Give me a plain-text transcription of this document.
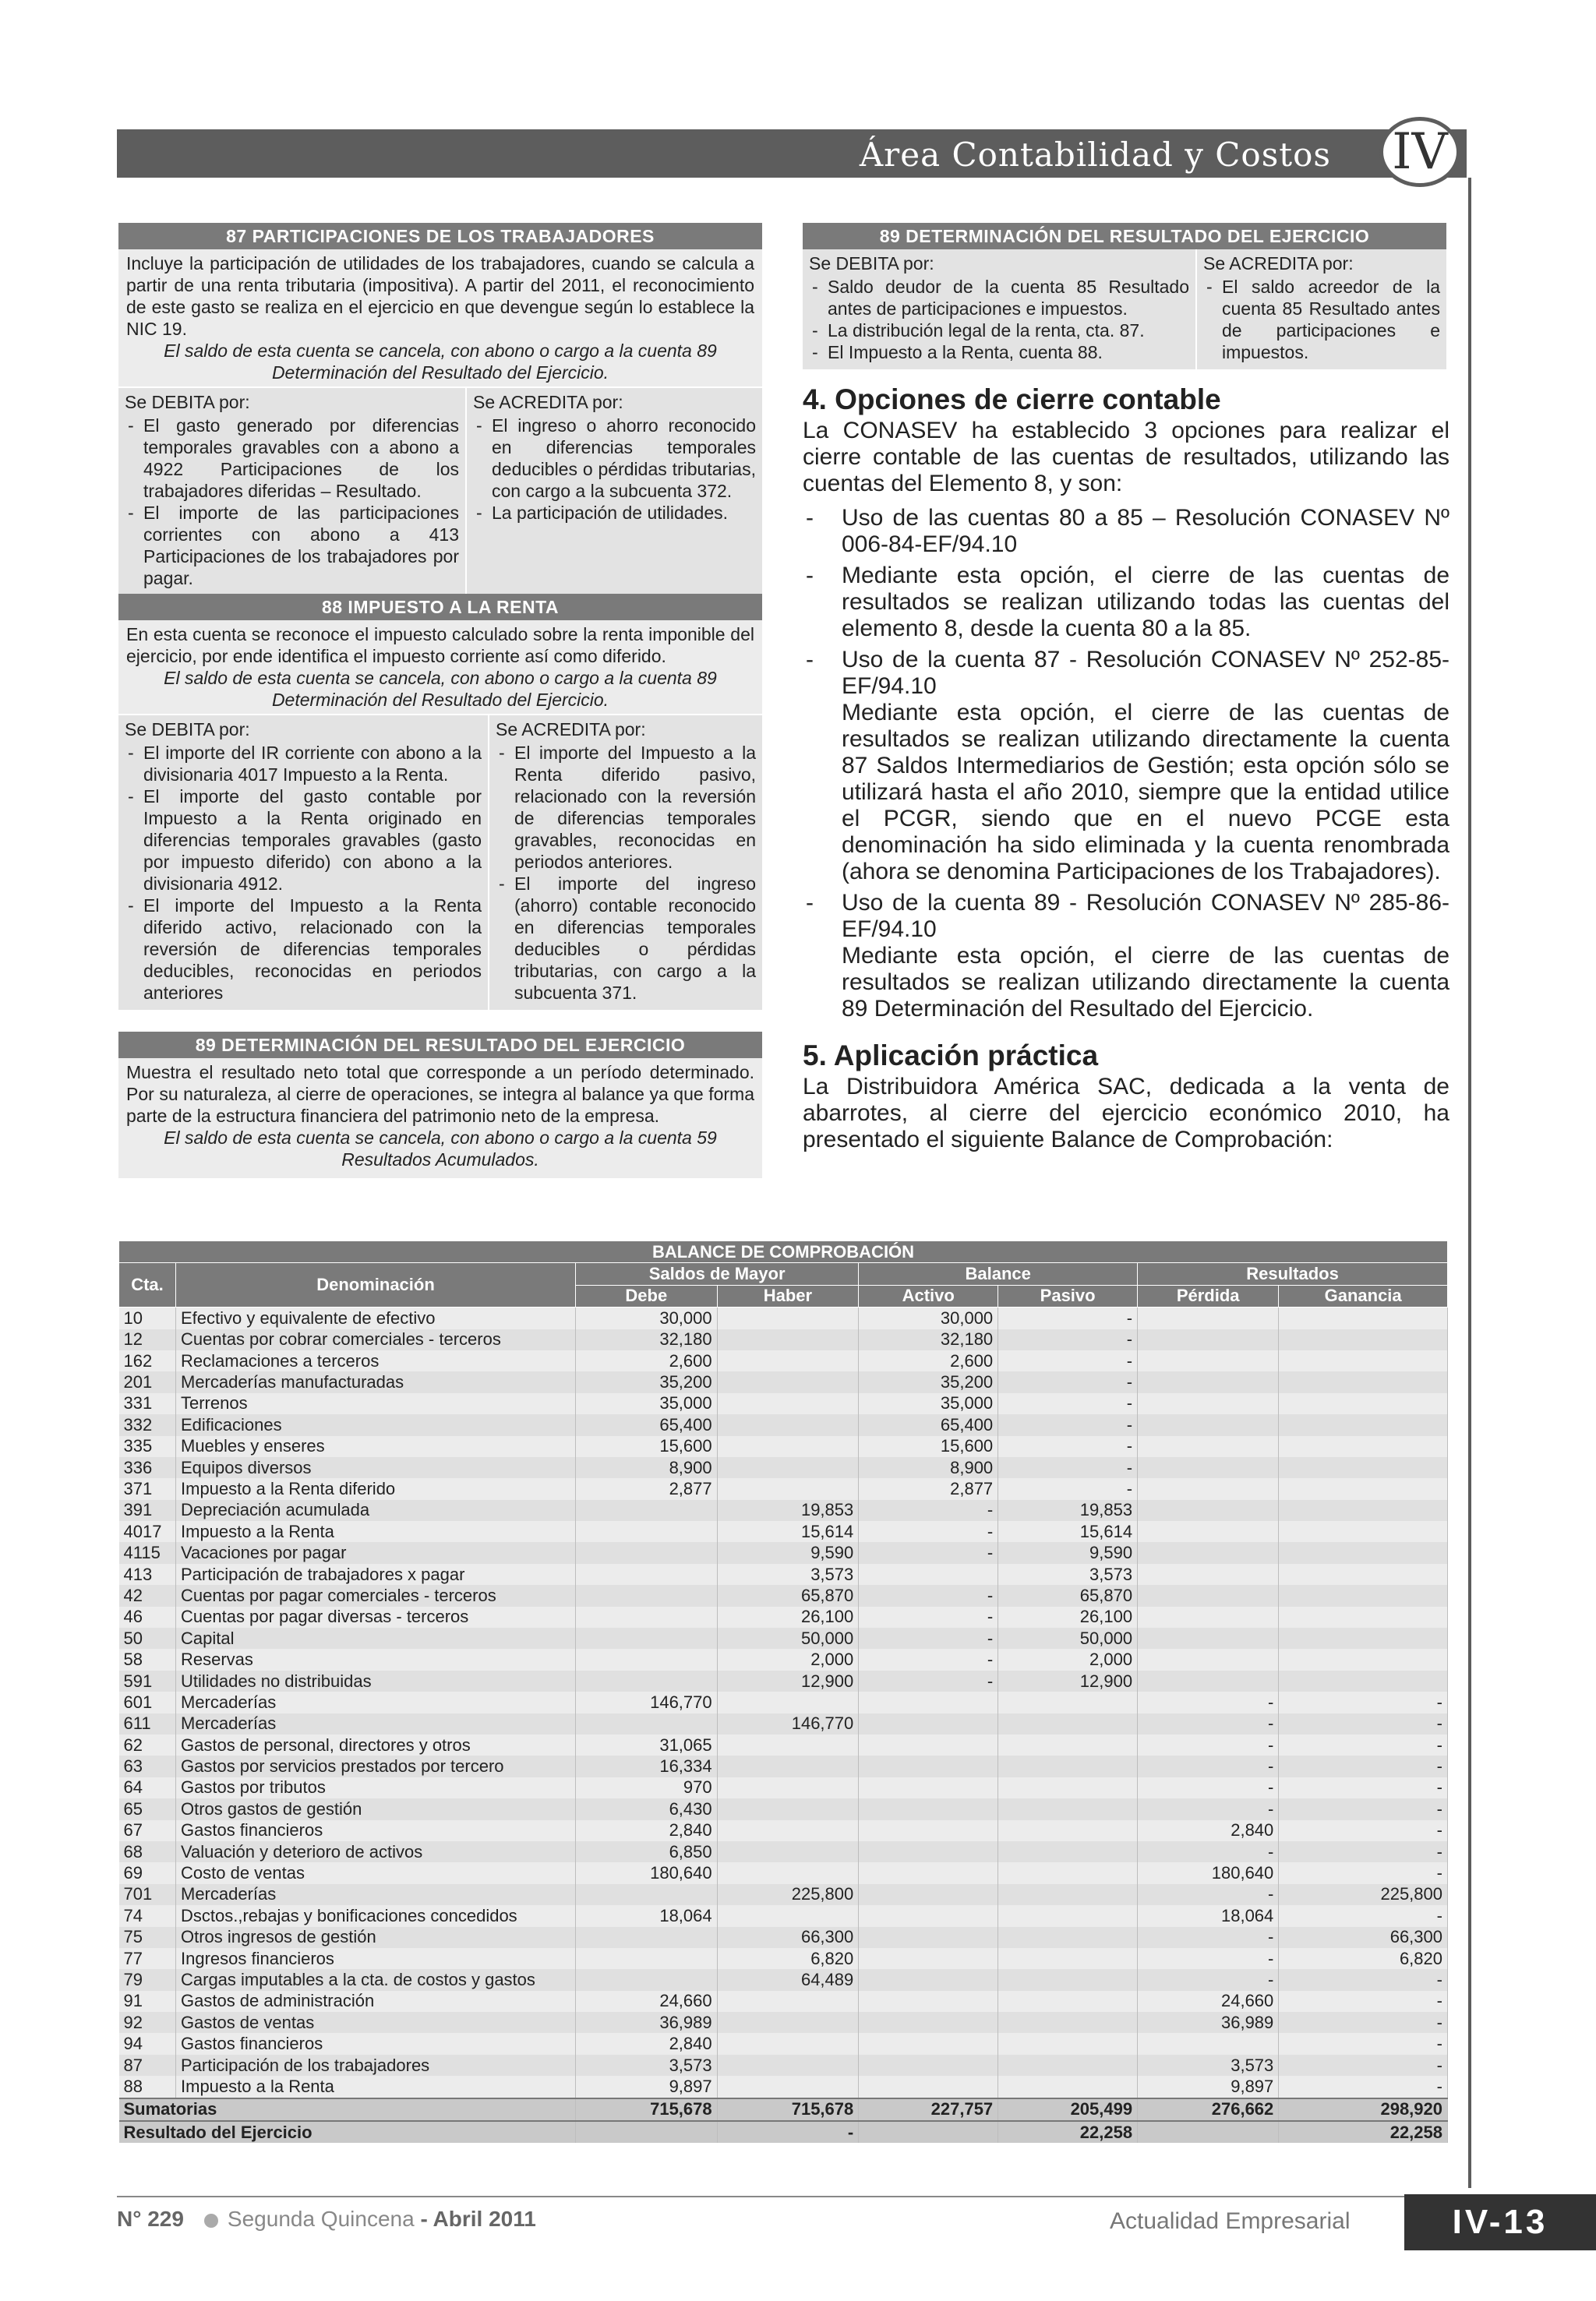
Área Contabilidad y Costos IV
87 PARTICIPACIONES DE LOS TRABAJADORES
Incluye la participación de utilidades de los trabajadores, cuando se calcula a partir de una renta tributaria (impositiva). A partir del 2011, el reconocimiento de este gasto se realiza en el ejercicio en que devengue según lo establece la NIC 19.
El saldo de esta cuenta se cancela, con abono o cargo a la cuenta 89 Determinación del Resultado del Ejercicio.
Se DEBITA por:
- El gasto generado por diferencias temporales gravables con a abono a 4922 Participaciones de los trabajadores diferidas – Resultado.
- El importe de las participaciones corrientes con abono a 413 Participaciones de los trabajadores por pagar.
Se ACREDITA por:
- El ingreso o ahorro reconocido en diferencias temporales deducibles o pérdidas tributarias, con cargo a la subcuenta 372.
- La participación de utilidades.
88 IMPUESTO A LA RENTA
En esta cuenta se reconoce el impuesto calculado sobre la renta imponible del ejercicio, por ende identifica el impuesto corriente así como diferido.
El saldo de esta cuenta se cancela, con abono o cargo a la cuenta 89 Determinación del Resultado del Ejercicio.
Se DEBITA por:
- El importe del IR corriente con abono a la divisionaria 4017 Impuesto a la Renta.
- El importe del gasto contable por Impuesto a la Renta originado en diferencias temporales gravables (gasto por impuesto diferido) con abono a la divisionaria 4912.
- El importe del Impuesto a la Renta diferido activo, relacionado con la reversión de diferencias temporales deducibles, reconocidas en periodos anteriores
Se ACREDITA por:
- El importe del Impuesto a la Renta diferido pasivo, relacionado con la reversión de diferencias temporales gravables, reconocidas en periodos anteriores.
- El importe del ingreso (ahorro) contable reconocido en diferencias temporales deducibles o pérdidas tributarias, con cargo a la subcuenta 371.
89 DETERMINACIÓN DEL RESULTADO DEL EJERCICIO
Muestra el resultado neto total que corresponde a un período determinado. Por su naturaleza, al cierre de operaciones, se integra al balance ya que forma parte de la estructura financiera del patrimonio neto de la empresa.
El saldo de esta cuenta se cancela, con abono o cargo a la cuenta 59 Resultados Acumulados.
89 DETERMINACIÓN DEL RESULTADO DEL EJERCICIO
Se DEBITA por:
- Saldo deudor de la cuenta 85 Resultado antes de participaciones e impuestos.
- La distribución legal de la renta, cta. 87.
- El Impuesto a la Renta, cuenta 88.
Se ACREDITA por:
- El saldo acreedor de la cuenta 85 Resultado antes de participaciones e impuestos.
4. Opciones de cierre contable
La CONASEV ha establecido 3 opciones para realizar el cierre contable de las cuentas de resultados, utilizando las cuentas del Elemento 8, y son:
- Uso de las cuentas 80 a 85 – Resolución CONASEV Nº 006-84-EF/94.10
- Mediante esta opción, el cierre de las cuentas de resultados se realizan utilizando todas las cuentas del elemento 8, desde la cuenta 80 a la 85.
- Uso de la cuenta 87 - Resolución CONASEV Nº 252-85-EF/94.10
Mediante esta opción, el cierre de las cuentas de resultados se realizan utilizando directamente la cuenta 87 Saldos Intermediarios de Gestión; esta opción sólo se utilizará hasta el año 2010, siempre que la entidad utilice el PCGR, siendo que en el nuevo PCGE esta denominación ha sido eliminada y la cuenta renombrada (ahora se denomina Participaciones de los Trabajadores).
- Uso de la cuenta 89 - Resolución CONASEV Nº 285-86-EF/94.10
Mediante esta opción, el cierre de las cuentas de resultados se realizan utilizando directamente la cuenta 89 Determinación del Resultado del Ejercicio.
5. Aplicación práctica
La Distribuidora América SAC, dedicada a la venta de abarrotes, al cierre del ejercicio económico 2010, ha presentado el siguiente Balance de Comprobación:
BALANCE DE COMPROBACIÓN							
Cta.	Denominación	Saldos de Mayor		Balance		Resultados	
		Debe	Haber	Activo	Pasivo	Pérdida	Ganancia
10	Efectivo y equivalente de efectivo	30,000		30,000	-		
12	Cuentas por cobrar comerciales - terceros	32,180		32,180	-		
162	Reclamaciones a terceros	2,600		2,600	-		
201	Mercaderías manufacturadas	35,200		35,200	-		
331	Terrenos	35,000		35,000	-		
332	Edificaciones	65,400		65,400	-		
335	Muebles y enseres	15,600		15,600	-		
336	Equipos diversos	8,900		8,900	-		
371	Impuesto a la Renta diferido	2,877		2,877	-		
391	Depreciación acumulada		19,853	-	19,853		
4017	Impuesto a la Renta		15,614	-	15,614		
4115	Vacaciones por pagar		9,590	-	9,590		
413	Participación de trabajadores x pagar		3,573		3,573		
42	Cuentas por pagar comerciales - terceros		65,870	-	65,870		
46	Cuentas por pagar diversas - terceros		26,100	-	26,100		
50	Capital		50,000	-	50,000		
58	Reservas		2,000	-	2,000		
591	Utilidades no distribuidas		12,900	-	12,900		
601	Mercaderías	146,770				-	-
611	Mercaderías		146,770			-	-
62	Gastos de personal, directores y otros	31,065				-	-
63	Gastos por servicios prestados por tercero	16,334				-	-
64	Gastos por tributos	970				-	-
65	Otros gastos de gestión	6,430				-	-
67	Gastos financieros	2,840				2,840	-
68	Valuación y deterioro de activos	6,850				-	-
69	Costo de ventas	180,640				180,640	-
701	Mercaderías		225,800			-	225,800
74	Dsctos.,rebajas y bonificaciones concedidos	18,064				18,064	-
75	Otros ingresos de gestión		66,300			-	66,300
77	Ingresos financieros		6,820			-	6,820
79	Cargas imputables a la cta. de costos y gastos		64,489			-	-
91	Gastos de administración	24,660				24,660	-
92	Gastos de ventas	36,989				36,989	-
94	Gastos financieros	2,840					-
87	Participación de los trabajadores	3,573				3,573	-
88	Impuesto a la Renta	9,897				9,897	-
Sumatorias		715,678	715,678	227,757	205,499	276,662	298,920
Resultado del Ejercicio			-		22,258		22,258
N° 229 Segunda Quincena - Abril 2011	Actualidad Empresarial	IV-13
